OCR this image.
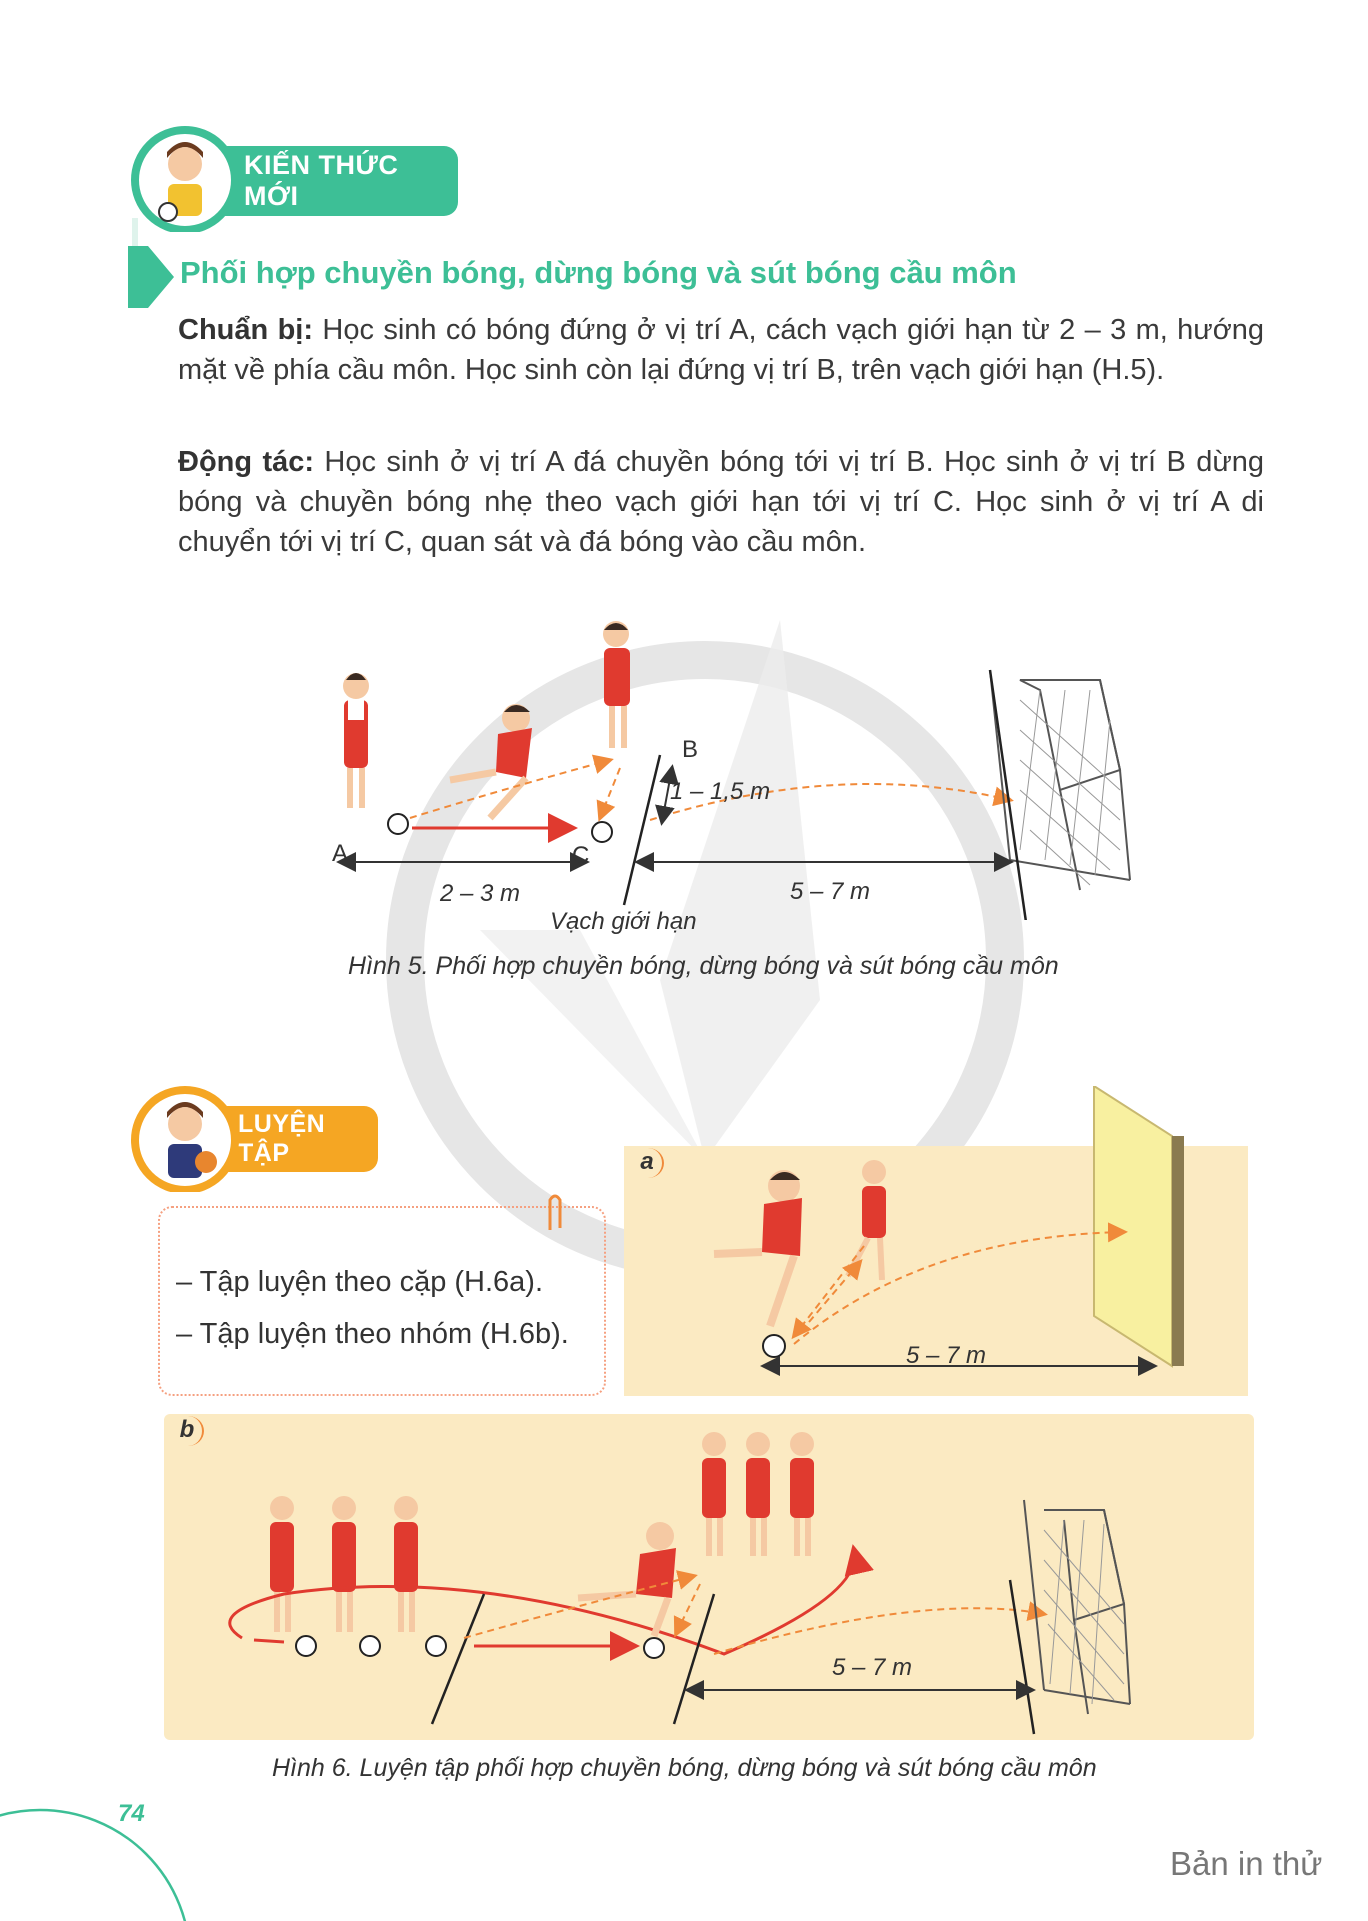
KIẾN THỨC MỚI
Phối hợp chuyền bóng, dừng bóng và sút bóng cầu môn
Chuẩn bị: Học sinh có bóng đứng ở vị trí A, cách vạch giới hạn từ 2 – 3 m, hướng mặt về phía cầu môn. Học sinh còn lại đứng vị trí B, trên vạch giới hạn (H.5).
Động tác: Học sinh ở vị trí A đá chuyền bóng tới vị trí B. Học sinh ở vị trí B dừng bóng và chuyền bóng nhẹ theo vạch giới hạn tới vị trí C. Học sinh ở vị trí A di chuyển tới vị trí C, quan sát và đá bóng vào cầu môn.
A
B
C
2 – 3 m
1 – 1,5 m
5 – 7 m
Vạch giới hạn
Hình 5. Phối hợp chuyền bóng, dừng bóng và sút bóng cầu môn
LUYỆN TẬP
– Tập luyện theo cặp (H.6a).
– Tập luyện theo nhóm (H.6b).
a
5 – 7 m
b
5 – 7 m
Hình 6. Luyện tập phối hợp chuyền bóng, dừng bóng và sút bóng cầu môn
74
Bản in thử
